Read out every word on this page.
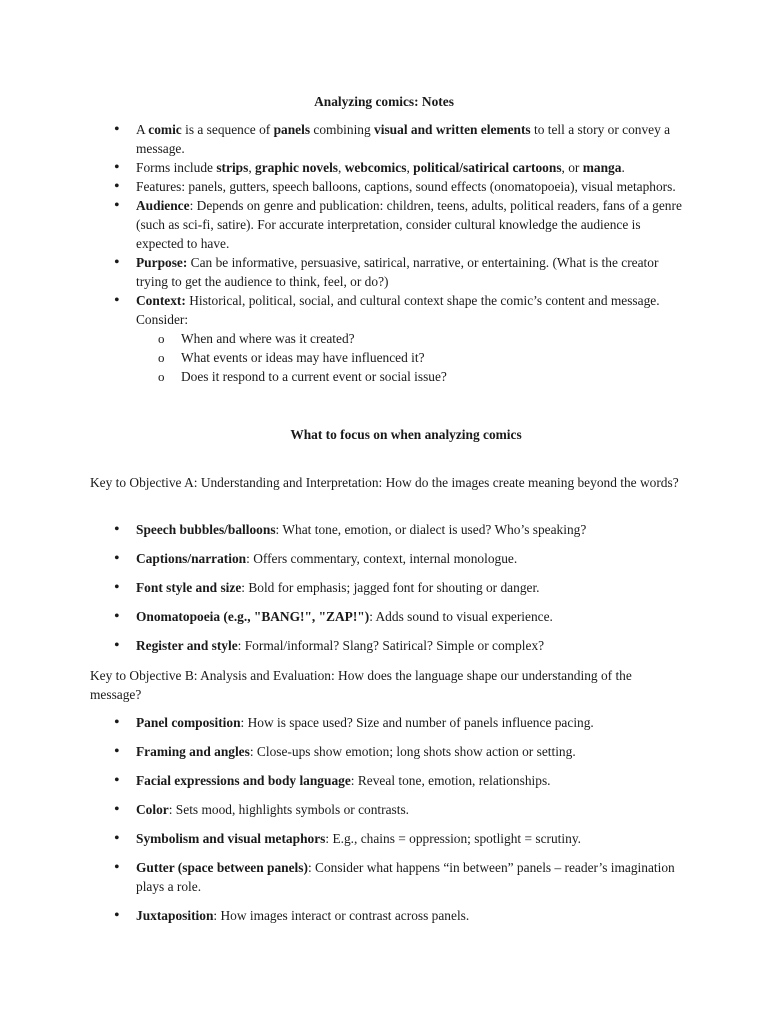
Analyzing comics: Notes
• A comic is a sequence of panels combining visual and written elements to tell a story or convey a message.
• Forms include strips, graphic novels, webcomics, political/satirical cartoons, or manga.
• Features: panels, gutters, speech balloons, captions, sound effects (onomatopoeia), visual metaphors.
• Audience: Depends on genre and publication: children, teens, adults, political readers, fans of a genre (such as sci-fi, satire). For accurate interpretation, consider cultural knowledge the audience is expected to have.
• Purpose: Can be informative, persuasive, satirical, narrative, or entertaining. (What is the creator trying to get the audience to think, feel, or do?)
• Context: Historical, political, social, and cultural context shape the comic’s content and message. Consider:
o When and where was it created?
o What events or ideas may have influenced it?
o Does it respond to a current event or social issue?
What to focus on when analyzing comics
Key to Objective A: Understanding and Interpretation: How do the images create meaning beyond the words?
• Speech bubbles/balloons: What tone, emotion, or dialect is used? Who’s speaking?
• Captions/narration: Offers commentary, context, internal monologue.
• Font style and size: Bold for emphasis; jagged font for shouting or danger.
• Onomatopoeia (e.g., "BANG!", "ZAP!"): Adds sound to visual experience.
• Register and style: Formal/informal? Slang? Satirical? Simple or complex?
Key to Objective B: Analysis and Evaluation: How does the language shape our understanding of the message?
• Panel composition: How is space used? Size and number of panels influence pacing.
• Framing and angles: Close-ups show emotion; long shots show action or setting.
• Facial expressions and body language: Reveal tone, emotion, relationships.
• Color: Sets mood, highlights symbols or contrasts.
• Symbolism and visual metaphors: E.g., chains = oppression; spotlight = scrutiny.
• Gutter (space between panels): Consider what happens “in between” panels – reader’s imagination plays a role.
• Juxtaposition: How images interact or contrast across panels.
